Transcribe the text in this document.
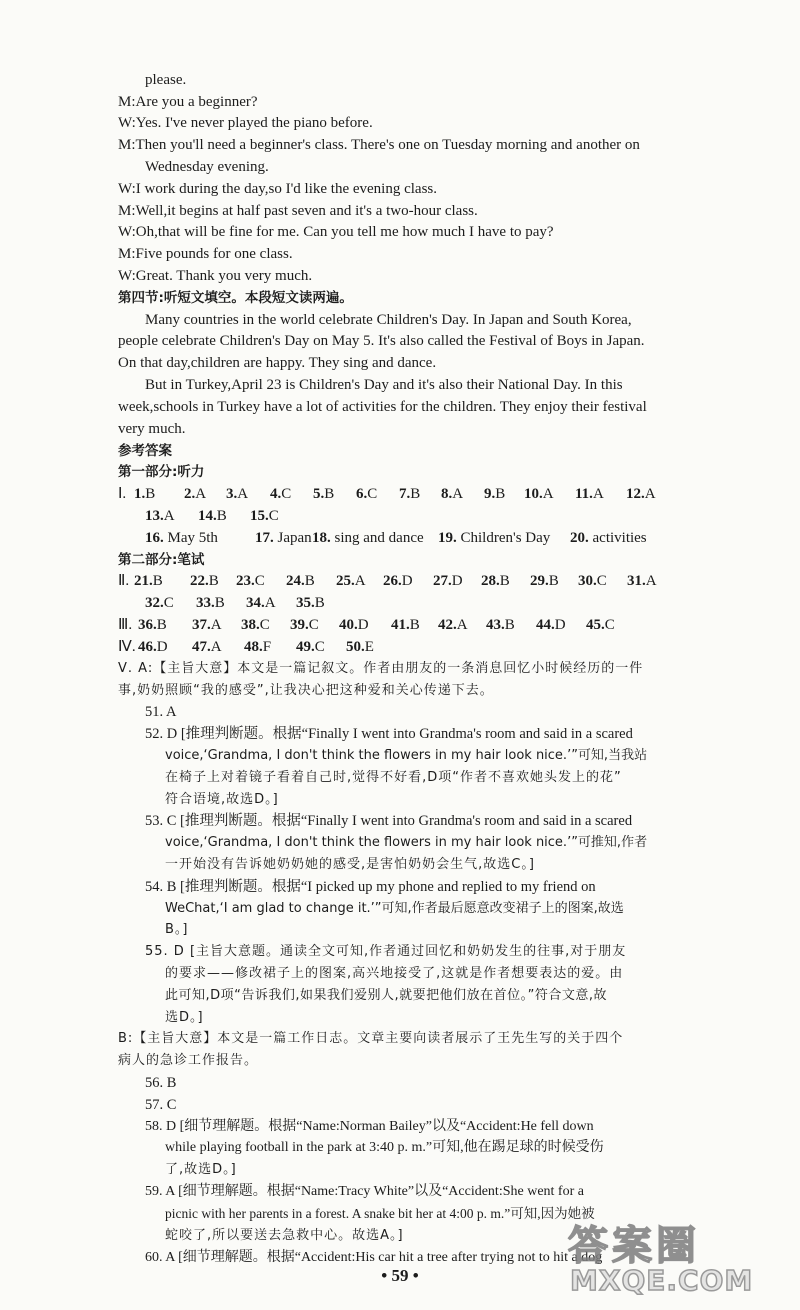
please.
M:Are you a beginner?
W:Yes. I've never played the piano before.
M:Then you'll need a beginner's class. There's one on Tuesday morning and another on
Wednesday evening.
W:I work during the day,so I'd like the evening class.
M:Well,it begins at half past seven and it's a two-hour class.
W:Oh,that will be fine for me. Can you tell me how much I have to pay?
M:Five pounds for one class.
W:Great. Thank you very much.
第四节:听短文填空。本段短文读两遍。
Many countries in the world celebrate Children's Day. In Japan and South Korea,
people celebrate Children's Day on May 5. It's also called the Festival of Boys in Japan.
On that day,children are happy. They sing and dance.
But in Turkey,April 23 is Children's Day and it's also their National Day. In this
week,schools in Turkey have a lot of activities for the children. They enjoy their festival
very much.
参考答案
第一部分:听力
Ⅰ. 1.B 2.A 3.A 4.C 5.B 6.C 7.B 8.A 9.B 10.A 11.A 12.A
13.A 14.B 15.C
16. May 5th 17. Japan 18. sing and dance 19. Children's Day 20. activities
第二部分:笔试
Ⅱ. 21.B 22.B 23.C 24.B 25.A 26.D 27.D 28.B 29.B 30.C 31.A
32.C 33.B 34.A 35.B
Ⅲ. 36.B 37.A 38.C 39.C 40.D 41.B 42.A 43.B 44.D 45.C
Ⅳ. 46.D 47.A 48.F 49.C 50.E
Ⅴ. A:【主旨大意】本文是一篇记叙文。作者由朋友的一条消息回忆小时候经历的一件
事,奶奶照顾“我的感受”,让我决心把这种爱和关心传递下去。
51. A
52. D [推理判断题。根据“Finally I went into Grandma's room and said in a scared
voice,‘Grandma, I don't think the flowers in my hair look nice.’”可知,当我站
在椅子上对着镜子看着自己时,觉得不好看,D项“作者不喜欢她头发上的花”
符合语境,故选D。]
53. C [推理判断题。根据“Finally I went into Grandma's room and said in a scared
voice,‘Grandma, I don't think the flowers in my hair look nice.’”可推知,作者
一开始没有告诉她奶奶她的感受,是害怕奶奶会生气,故选C。]
54. B [推理判断题。根据“I picked up my phone and replied to my friend on
WeChat,‘I am glad to change it.’”可知,作者最后愿意改变裙子上的图案,故选
B。]
55. D [主旨大意题。通读全文可知,作者通过回忆和奶奶发生的往事,对于朋友
的要求——修改裙子上的图案,高兴地接受了,这就是作者想要表达的爱。由
此可知,D项“告诉我们,如果我们爱别人,就要把他们放在首位。”符合文意,故
选D。]
B:【主旨大意】本文是一篇工作日志。文章主要向读者展示了王先生写的关于四个
病人的急诊工作报告。
56. B
57. C
58. D [细节理解题。根据“Name:Norman Bailey”以及“Accident:He fell down
while playing football in the park at 3:40 p. m.”可知,他在踢足球的时候受伤
了,故选D。]
59. A [细节理解题。根据“Name:Tracy White”以及“Accident:She went for a
picnic with her parents in a forest. A snake bit her at 4:00 p. m.”可知,因为她被
蛇咬了,所以要送去急救中心。故选A。]
60. A [细节理解题。根据“Accident:His car hit a tree after trying not to hit a dog
• 59 •
答案圈
MXQE.COM
